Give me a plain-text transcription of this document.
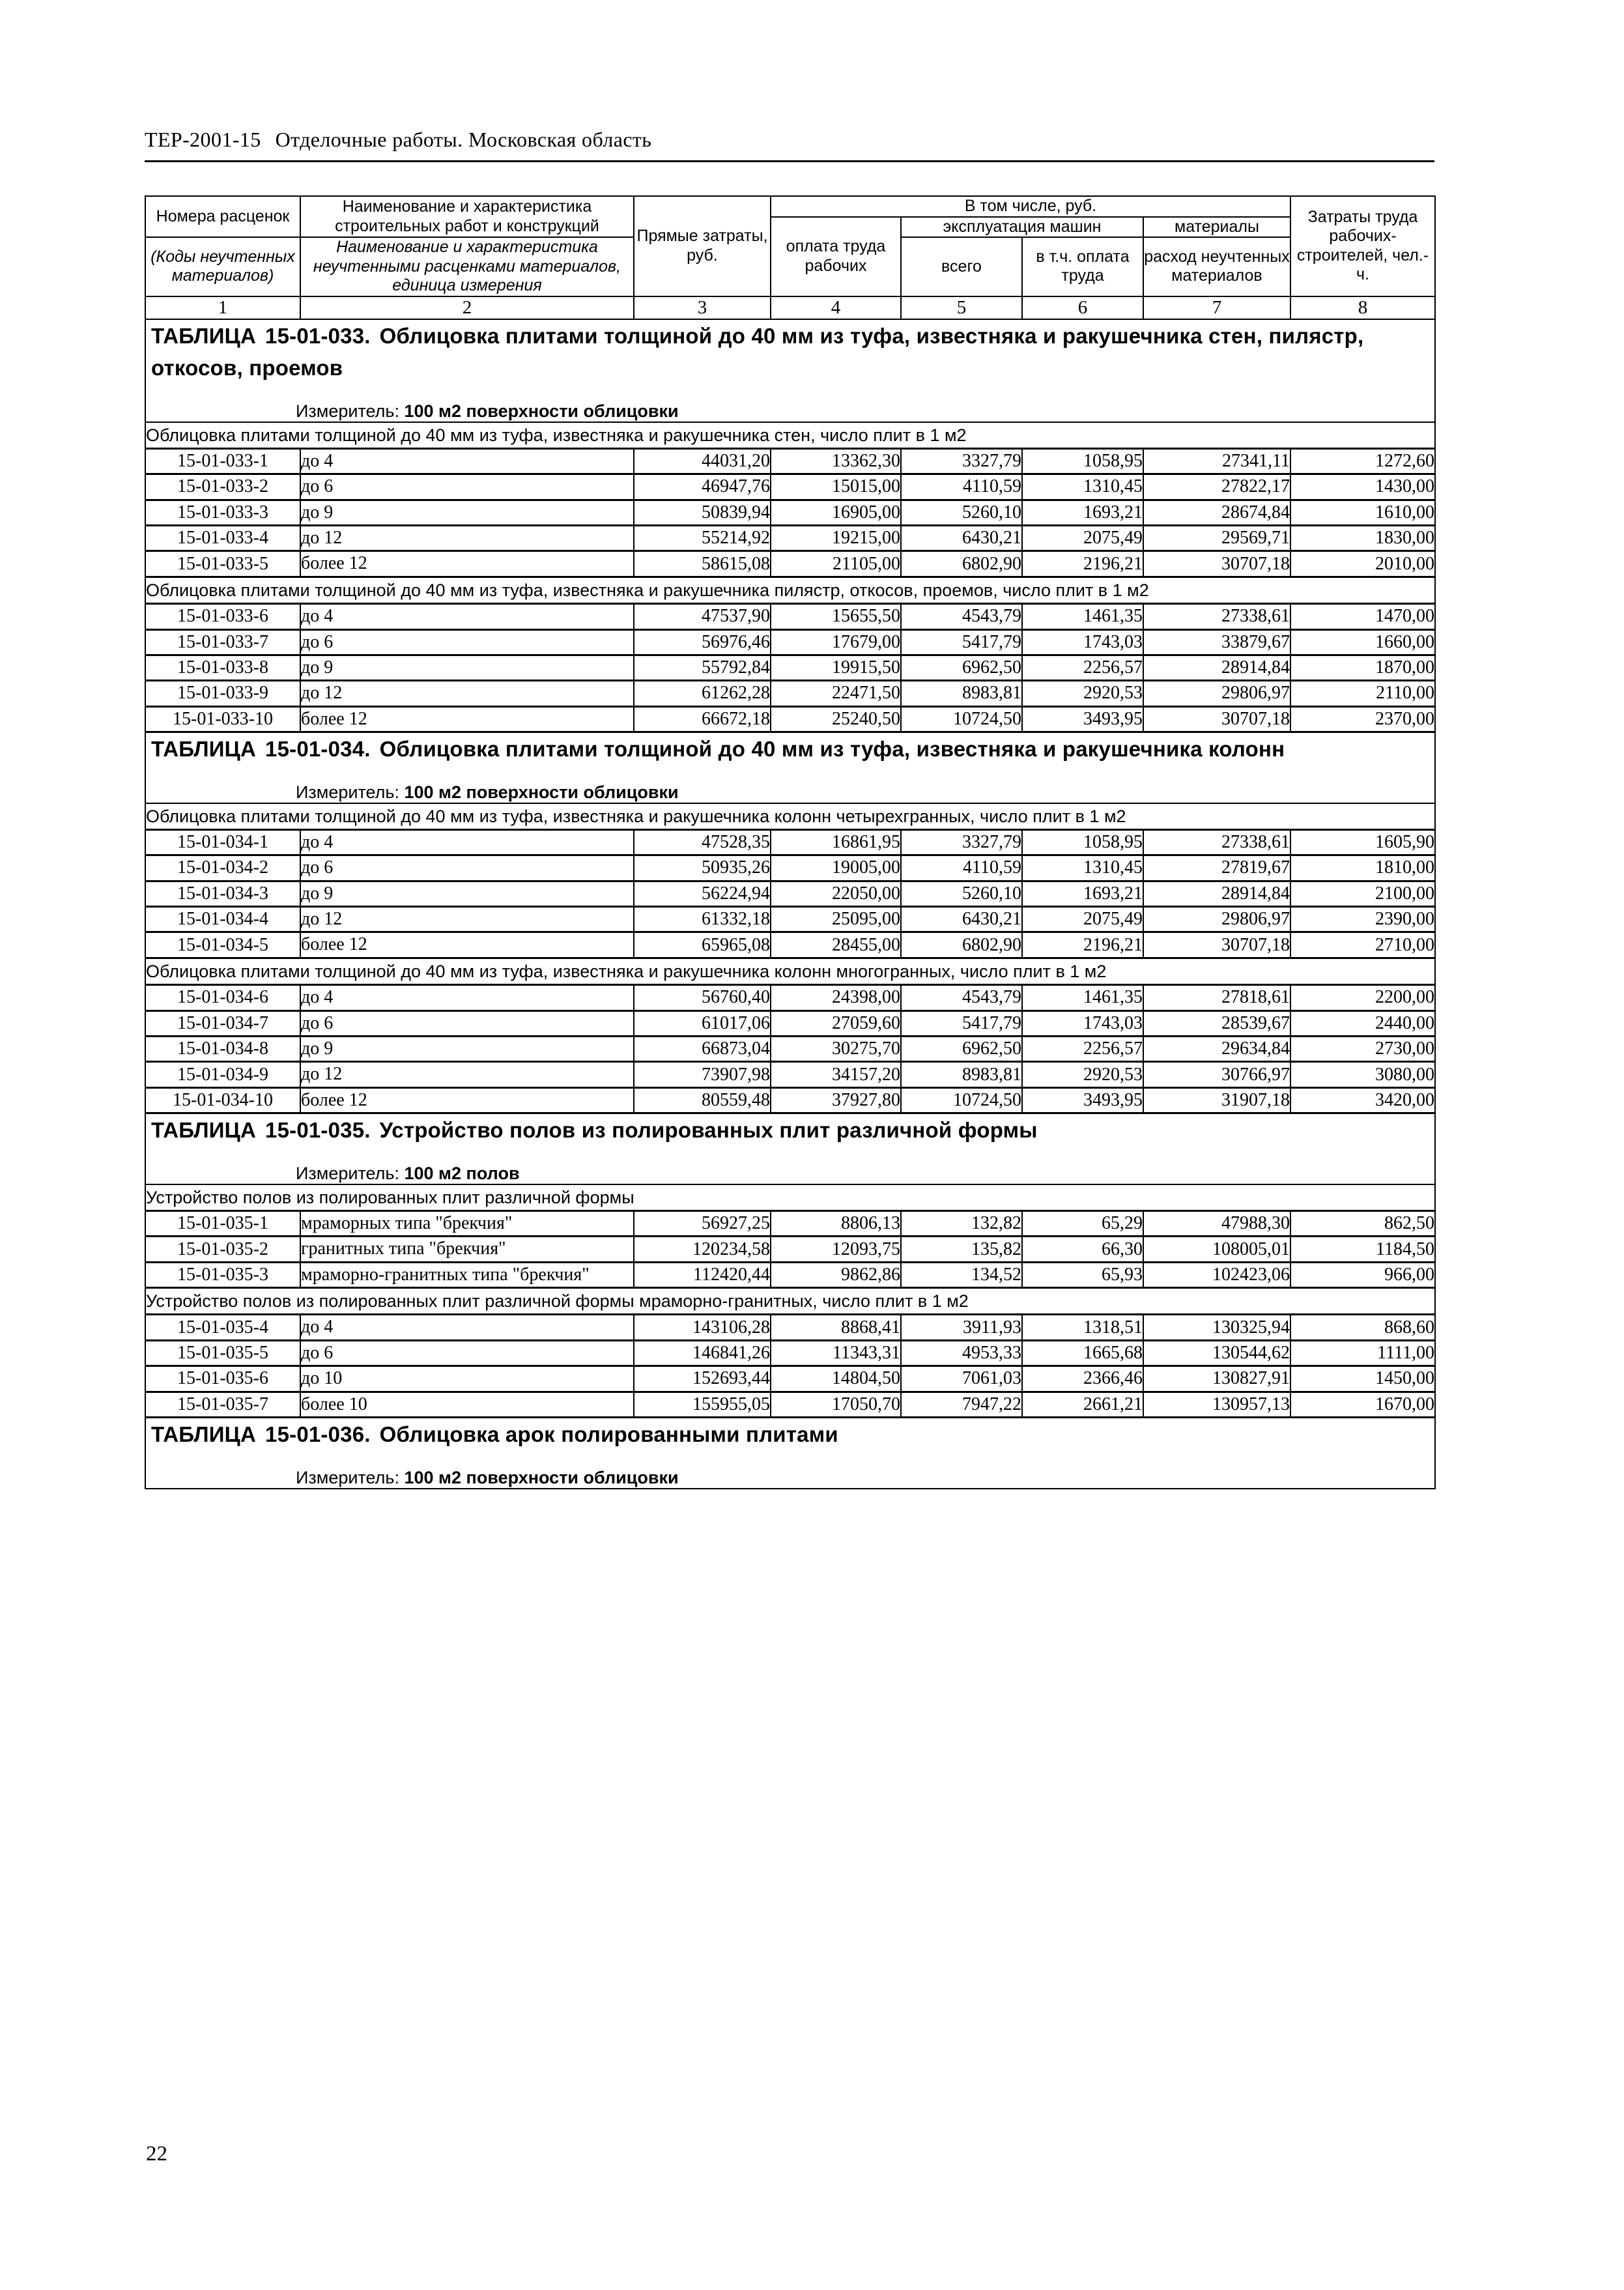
ТЕР-2001-15 Отделочные работы. Московская область
Номера расценок	Наименование и характеристика строительных работ и конструкций	Прямые затраты, руб.	В том числе, руб.				Затраты труда рабочих-строителей, чел.-ч.
			оплата труда рабочих	эксплуатация машин		материалы	
(Коды неучтенных материалов)	Наименование и характеристика неучтенными расценками материалов, единица измерения			всего	в т.ч. оплата труда		
						расход неучтенных материалов	
1	2	3	4	5	6	7	8

ТАБЛИЦА 15-01-033. Облицовка плитами толщиной до 40 мм из туфа, известняка и ракушечника стен, пилястр, откосов, проемов
Измеритель: 100 м2 поверхности облицовки							

Облицовка плитами толщиной до 40 мм из туфа, известняка и ракушечника стен, число плит в 1 м2							
15-01-033-1	до 4	44031,20	13362,30	3327,79	1058,95	27341,11	1272,60
15-01-033-2	до 6	46947,76	15015,00	4110,59	1310,45	27822,17	1430,00
15-01-033-3	до 9	50839,94	16905,00	5260,10	1693,21	28674,84	1610,00
15-01-033-4	до 12	55214,92	19215,00	6430,21	2075,49	29569,71	1830,00
15-01-033-5	более 12	58615,08	21105,00	6802,90	2196,21	30707,18	2010,00
Облицовка плитами толщиной до 40 мм из туфа, известняка и ракушечника пилястр, откосов, проемов, число плит в 1 м2							
15-01-033-6	до 4	47537,90	15655,50	4543,79	1461,35	27338,61	1470,00
15-01-033-7	до 6	56976,46	17679,00	5417,79	1743,03	33879,67	1660,00
15-01-033-8	до 9	55792,84	19915,50	6962,50	2256,57	28914,84	1870,00
15-01-033-9	до 12	61262,28	22471,50	8983,81	2920,53	29806,97	2110,00
15-01-033-10	более 12	66672,18	25240,50	10724,50	3493,95	30707,18	2370,00

ТАБЛИЦА 15-01-034. Облицовка плитами толщиной до 40 мм из туфа, известняка и ракушечника колонн
Измеритель: 100 м2 поверхности облицовки							

Облицовка плитами толщиной до 40 мм из туфа, известняка и ракушечника колонн четырехгранных, число плит в 1 м2							
15-01-034-1	до 4	47528,35	16861,95	3327,79	1058,95	27338,61	1605,90
15-01-034-2	до 6	50935,26	19005,00	4110,59	1310,45	27819,67	1810,00
15-01-034-3	до 9	56224,94	22050,00	5260,10	1693,21	28914,84	2100,00
15-01-034-4	до 12	61332,18	25095,00	6430,21	2075,49	29806,97	2390,00
15-01-034-5	более 12	65965,08	28455,00	6802,90	2196,21	30707,18	2710,00
Облицовка плитами толщиной до 40 мм из туфа, известняка и ракушечника колонн многогранных, число плит в 1 м2							
15-01-034-6	до 4	56760,40	24398,00	4543,79	1461,35	27818,61	2200,00
15-01-034-7	до 6	61017,06	27059,60	5417,79	1743,03	28539,67	2440,00
15-01-034-8	до 9	66873,04	30275,70	6962,50	2256,57	29634,84	2730,00
15-01-034-9	до 12	73907,98	34157,20	8983,81	2920,53	30766,97	3080,00
15-01-034-10	более 12	80559,48	37927,80	10724,50	3493,95	31907,18	3420,00

ТАБЛИЦА 15-01-035. Устройство полов из полированных плит различной формы
Измеритель: 100 м2 полов							

Устройство полов из полированных плит различной формы							
15-01-035-1	мраморных типа "брекчия"	56927,25	8806,13	132,82	65,29	47988,30	862,50
15-01-035-2	гранитных типа "брекчия"	120234,58	12093,75	135,82	66,30	108005,01	1184,50
15-01-035-3	мраморно-гранитных типа "брекчия"	112420,44	9862,86	134,52	65,93	102423,06	966,00
Устройство полов из полированных плит различной формы мраморно-гранитных, число плит в 1 м2							
15-01-035-4	до 4	143106,28	8868,41	3911,93	1318,51	130325,94	868,60
15-01-035-5	до 6	146841,26	11343,31	4953,33	1665,68	130544,62	1111,00
15-01-035-6	до 10	152693,44	14804,50	7061,03	2366,46	130827,91	1450,00
15-01-035-7	более 10	155955,05	17050,70	7947,22	2661,21	130957,13	1670,00

ТАБЛИЦА 15-01-036. Облицовка арок полированными плитами
Измеритель: 100 м2 поверхности облицовки							
22
